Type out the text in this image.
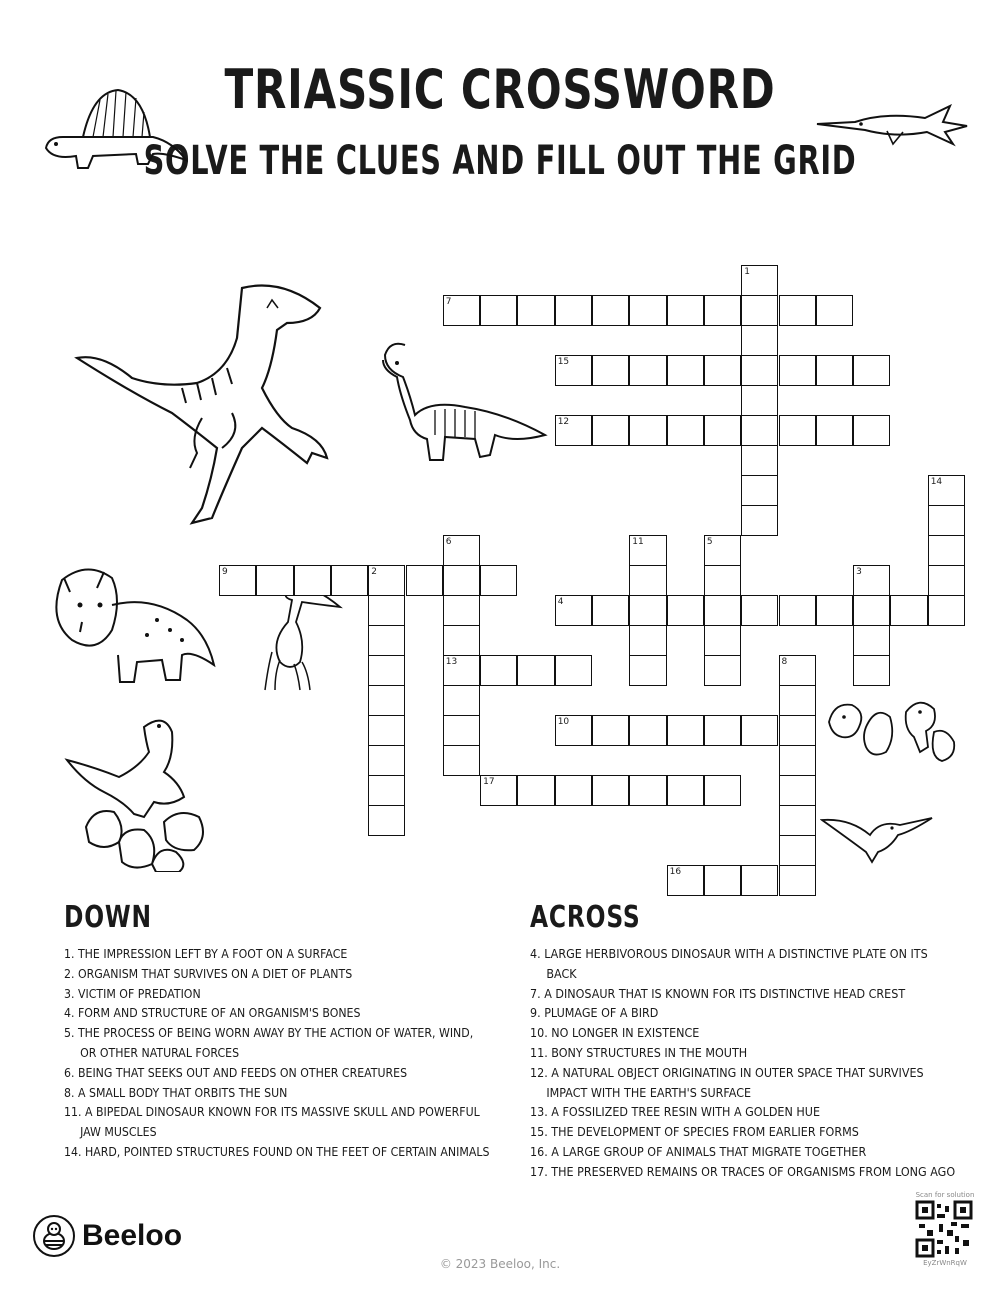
TRIASSIC CROSSWORD
SOLVE THE CLUES AND FILL OUT THE GRID
1
7
15
12
14
6	11	5
9	2	3
4
13	8
10
17
16
DOWN
1. THE IMPRESSION LEFT BY A FOOT ON A SURFACE
2. ORGANISM THAT SURVIVES ON A DIET OF PLANTS
3. VICTIM OF PREDATION
4. FORM AND STRUCTURE OF AN ORGANISM'S BONES
5. THE PROCESS OF BEING WORN AWAY BY THE ACTION OF WATER, WIND,
OR OTHER NATURAL FORCES
6. BEING THAT SEEKS OUT AND FEEDS ON OTHER CREATURES
8. A SMALL BODY THAT ORBITS THE SUN
11. A BIPEDAL DINOSAUR KNOWN FOR ITS MASSIVE SKULL AND POWERFUL
JAW MUSCLES
14. HARD, POINTED STRUCTURES FOUND ON THE FEET OF CERTAIN ANIMALS
ACROSS
4. LARGE HERBIVOROUS DINOSAUR WITH A DISTINCTIVE PLATE ON ITS
BACK
7. A DINOSAUR THAT IS KNOWN FOR ITS DISTINCTIVE HEAD CREST
9. PLUMAGE OF A BIRD
10. NO LONGER IN EXISTENCE
11. BONY STRUCTURES IN THE MOUTH
12. A NATURAL OBJECT ORIGINATING IN OUTER SPACE THAT SURVIVES
IMPACT WITH THE EARTH'S SURFACE
13. A FOSSILIZED TREE RESIN WITH A GOLDEN HUE
15. THE DEVELOPMENT OF SPECIES FROM EARLIER FORMS
16. A LARGE GROUP OF ANIMALS THAT MIGRATE TOGETHER
17. THE PRESERVED REMAINS OR TRACES OF ORGANISMS FROM LONG AGO
Beeloo
Scan for solution
EyZrWnRqW
© 2023 Beeloo, Inc.
